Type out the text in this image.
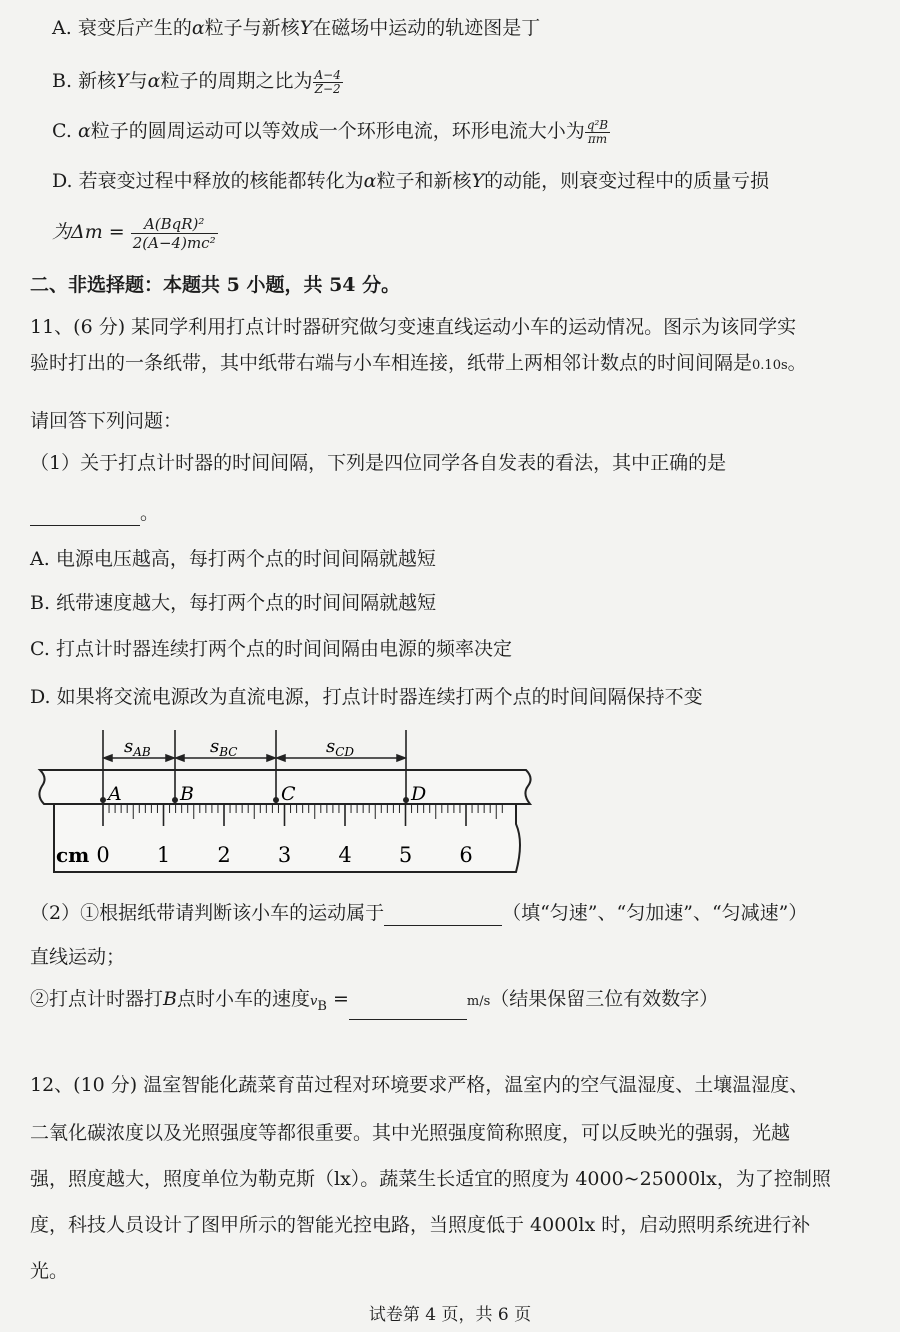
A. 衰变后产生的α粒子与新核Y在磁场中运动的轨迹图是丁
B. 新核Y与α粒子的周期之比为 $\frac{A-4}{Z-2}$
C. α粒子的圆周运动可以等效成一个环形电流，环形电流大小为 $\frac{\text{q²B}}{\pi m}$
D. 若衰变过程中释放的核能都转化为α粒子和新核Y的动能，则衰变过程中的质量亏损
为$\Delta m = \frac{\text{A(BqR)²}}{\text{2(A−4)mc²}}$
二、非选择题：本题共 5 小题，共 54 分。
11、(6 分) 某同学利用打点计时器研究做匀变速直线运动小车的运动情况。图示为该同学实
验时打出的一条纸带，其中纸带右端与小车相连接，纸带上两相邻计数点的时间间隔是0.10s。
请回答下列问题：
（1）关于打点计时器的时间间隔，下列是四位同学各自发表的看法，其中正确的是
。
A. 电源电压越高，每打两个点的时间间隔就越短
B. 纸带速度越大，每打两个点的时间间隔就越短
C. 打点计时器连续打两个点的时间间隔由电源的频率决定
D. 如果将交流电源改为直流电源，打点计时器连续打两个点的时间间隔保持不变
$s_{AB}$	$s_{BC}$	$s_{CD}$
A	B	C	D
cm 0 1 2 3 4 5 6
（2）①根据纸带请判断该小车的运动属于	（填“匀速”、“匀加速”、“匀减速”）
直线运动；
②打点计时器打B点时小车的速度$v_B$ =	m/s（结果保留三位有效数字）
12、(10 分) 温室智能化蔬菜育苗过程对环境要求严格，温室内的空气温湿度、土壤温湿度、
二氧化碳浓度以及光照强度等都很重要。其中光照强度简称照度，可以反映光的强弱，光越
强，照度越大，照度单位为勒克斯（lx）。蔬菜生长适宜的照度为 4000~25000lx，为了控制照
度，科技人员设计了图甲所示的智能光控电路，当照度低于 4000lx 时，启动照明系统进行补
光。
试卷第 4 页，共 6 页
